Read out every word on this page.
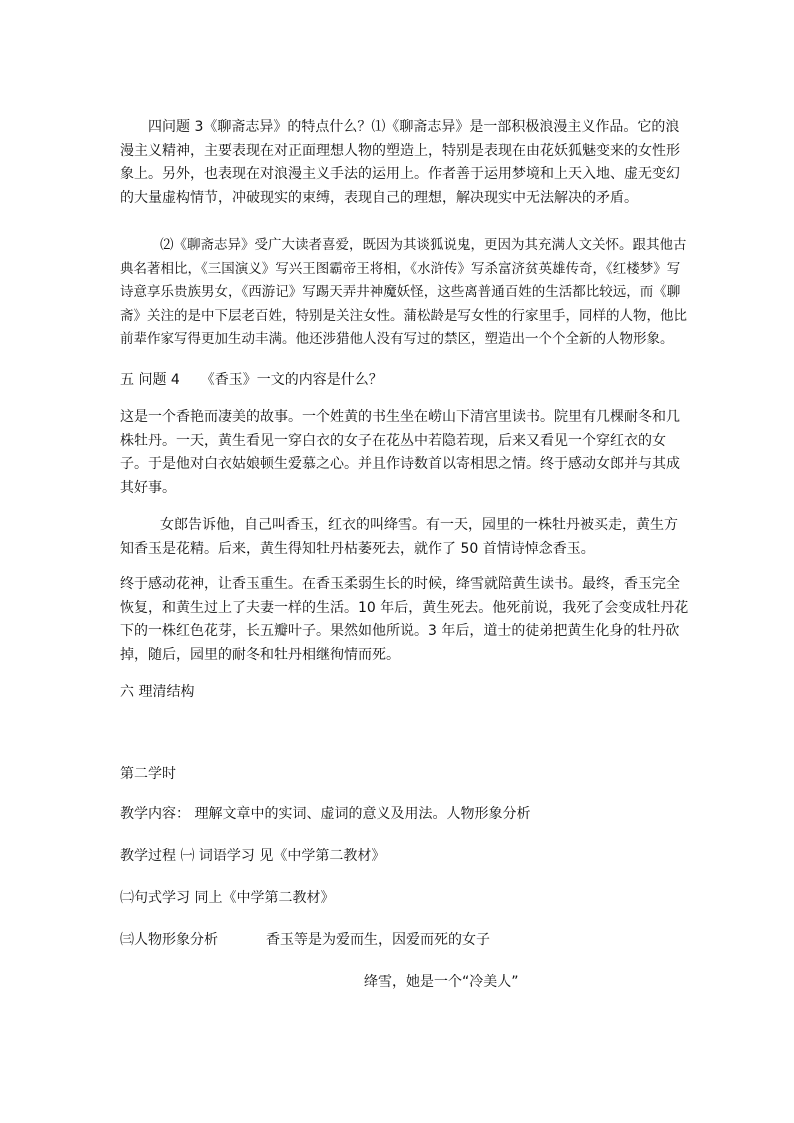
四问题 3《聊斋志异》的特点什么？⑴《聊斋志异》是一部积极浪漫主义作品。它的浪漫主义精神，主要表现在对正面理想人物的塑造上，特别是表现在由花妖狐魅变来的女性形象上。另外，也表现在对浪漫主义手法的运用上。作者善于运用梦境和上天入地、虚无变幻的大量虚构情节，冲破现实的束缚，表现自己的理想，解决现实中无法解决的矛盾。

⑵《聊斋志异》受广大读者喜爱，既因为其谈狐说鬼，更因为其充满人文关怀。跟其他古典名著相比，《三国演义》写兴王图霸帝王将相，《水浒传》写杀富济贫英雄传奇，《红楼梦》写诗意享乐贵族男女，《西游记》写踢天弄井神魔妖怪，这些离普通百姓的生活都比较远，而《聊斋》关注的是中下层老百姓，特别是关注女性。蒲松龄是写女性的行家里手，同样的人物，他比前辈作家写得更加生动丰满。他还涉猎他人没有写过的禁区，塑造出一个个全新的人物形象。

五 问题 4　　《香玉》一文的内容是什么？

这是一个香艳而凄美的故事。一个姓黄的书生坐在崂山下清宫里读书。院里有几棵耐冬和几株牡丹。一天，黄生看见一穿白衣的女子在花丛中若隐若现，后来又看见一个穿红衣的女子。于是他对白衣姑娘顿生爱慕之心。并且作诗数首以寄相思之情。终于感动女郎并与其成其好事。

女郎告诉他，自己叫香玉，红衣的叫绛雪。有一天，园里的一株牡丹被买走，黄生方知香玉是花精。后来，黄生得知牡丹枯萎死去，就作了 50 首情诗悼念香玉。

终于感动花神，让香玉重生。在香玉柔弱生长的时候，绛雪就陪黄生读书。最终，香玉完全恢复，和黄生过上了夫妻一样的生活。10 年后，黄生死去。他死前说，我死了会变成牡丹花下的一株红色花芽，长五瓣叶子。果然如他所说。3 年后，道士的徒弟把黄生化身的牡丹砍掉，随后，园里的耐冬和牡丹相继徇情而死。

六 理清结构

第二学时

教学内容： 理解文章中的实词、虚词的意义及用法。人物形象分析

教学过程 ㈠ 词语学习 见《中学第二教材》

㈡句式学习 同上《中学第二教材》

㈢人物形象分析	香玉等是为爱而生，因爱而死的女子

绛雪，她是一个“冷美人”
